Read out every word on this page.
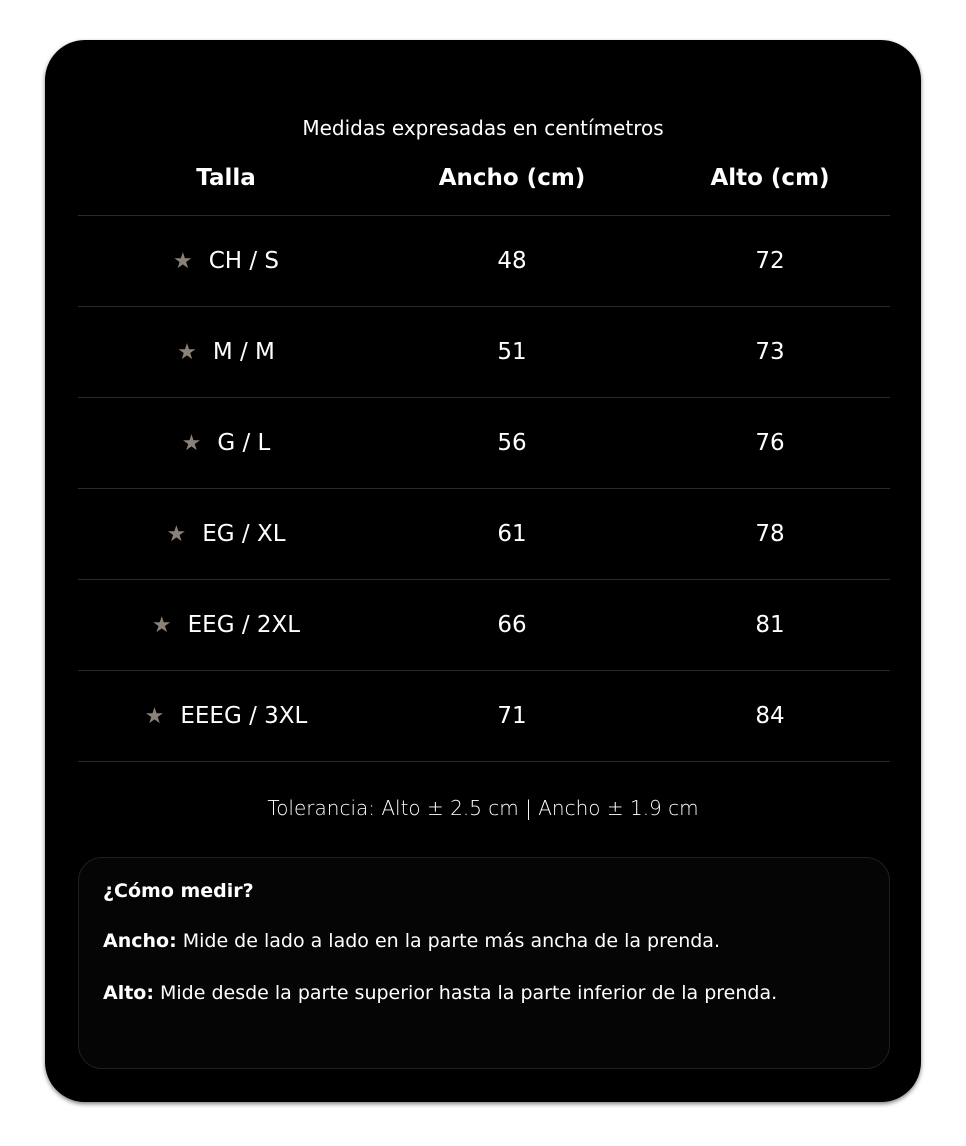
Medidas expresadas en centímetros
Talla	Ancho (cm)	Alto (cm)
★ CH / S	48	72
★ M / M	51	73
★ G / L	56	76
★ EG / XL	61	78
★ EEG / 2XL	66	81
★ EEEG / 3XL	71	84
Tolerancia: Alto ± 2.5 cm | Ancho ± 1.9 cm
¿Cómo medir?
Ancho: Mide de lado a lado en la parte más ancha de la prenda.
Alto: Mide desde la parte superior hasta la parte inferior de la prenda.
